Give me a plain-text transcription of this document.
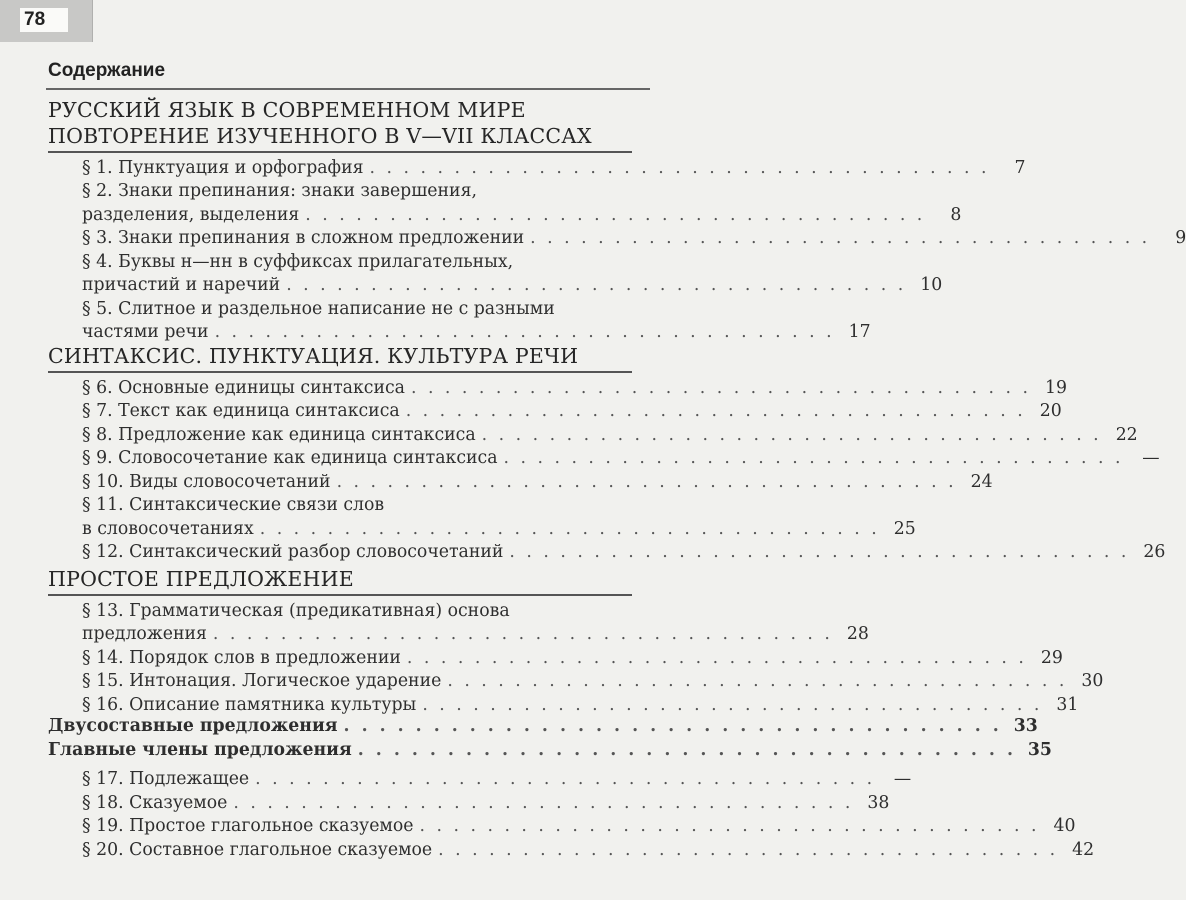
78
Содержание
РУССКИЙ ЯЗЫК В СОВРЕМЕННОМ МИРЕ
ПОВТОРЕНИЕ ИЗУЧЕННОГО В V—VII КЛАССАХ
§ 1. Пунктуация и орфография . . . . . . . . . . . . . . . . . . . . . . . . . . . . . . . . . . . . .	7
§ 2. Знаки препинания: знаки завершения,
разделения, выделения . . . . . . . . . . . . . . . . . . . . . . . . . . . . . . . . . . . . .	8
§ 3. Знаки препинания в сложном предложении . . . . . . . . . . . . . . . . . . . . . . . . . . . . . . . . . . . . .	9
§ 4. Буквы н—нн в суффиксах прилагательных,
причастий и наречий . . . . . . . . . . . . . . . . . . . . . . . . . . . . . . . . . . . . . 10
§ 5. Слитное и раздельное написание не с разными
частями речи . . . . . . . . . . . . . . . . . . . . . . . . . . . . . . . . . . . . . 17
СИНТАКСИС. ПУНКТУАЦИЯ. КУЛЬТУРА РЕЧИ
§ 6. Основные единицы синтаксиса . . . . . . . . . . . . . . . . . . . . . . . . . . . . . . . . . . . . . 19
§ 7. Текст как единица синтаксиса . . . . . . . . . . . . . . . . . . . . . . . . . . . . . . . . . . . . . 20
§ 8. Предложение как единица синтаксиса . . . . . . . . . . . . . . . . . . . . . . . . . . . . . . . . . . . . . 22
§ 9. Словосочетание как единица синтаксиса . . . . . . . . . . . . . . . . . . . . . . . . . . . . . . . . . . . . .	—
§ 10. Виды словосочетаний . . . . . . . . . . . . . . . . . . . . . . . . . . . . . . . . . . . . . 24
§ 11. Синтаксические связи слов
в словосочетаниях . . . . . . . . . . . . . . . . . . . . . . . . . . . . . . . . . . . . . 25
§ 12. Синтаксический разбор словосочетаний . . . . . . . . . . . . . . . . . . . . . . . . . . . . . . . . . . . . . 26
ПРОСТОЕ ПРЕДЛОЖЕНИЕ
§ 13. Грамматическая (предикативная) основа
предложения . . . . . . . . . . . . . . . . . . . . . . . . . . . . . . . . . . . . . 28
§ 14. Порядок слов в предложении . . . . . . . . . . . . . . . . . . . . . . . . . . . . . . . . . . . . . 29
§ 15. Интонация. Логическое ударение . . . . . . . . . . . . . . . . . . . . . . . . . . . . . . . . . . . . . 30
§ 16. Описание памятника культуры . . . . . . . . . . . . . . . . . . . . . . . . . . . . . . . . . . . . . 31
Двусоставные предложения . . . . . . . . . . . . . . . . . . . . . . . . . . . . . . . . . . . . . 33
Главные члены предложения . . . . . . . . . . . . . . . . . . . . . . . . . . . . . . . . . . . . . 35
§ 17. Подлежащее . . . . . . . . . . . . . . . . . . . . . . . . . . . . . . . . . . . . .	—
§ 18. Сказуемое . . . . . . . . . . . . . . . . . . . . . . . . . . . . . . . . . . . . . 38
§ 19. Простое глагольное сказуемое . . . . . . . . . . . . . . . . . . . . . . . . . . . . . . . . . . . . . 40
§ 20. Составное глагольное сказуемое . . . . . . . . . . . . . . . . . . . . . . . . . . . . . . . . . . . . . 42
